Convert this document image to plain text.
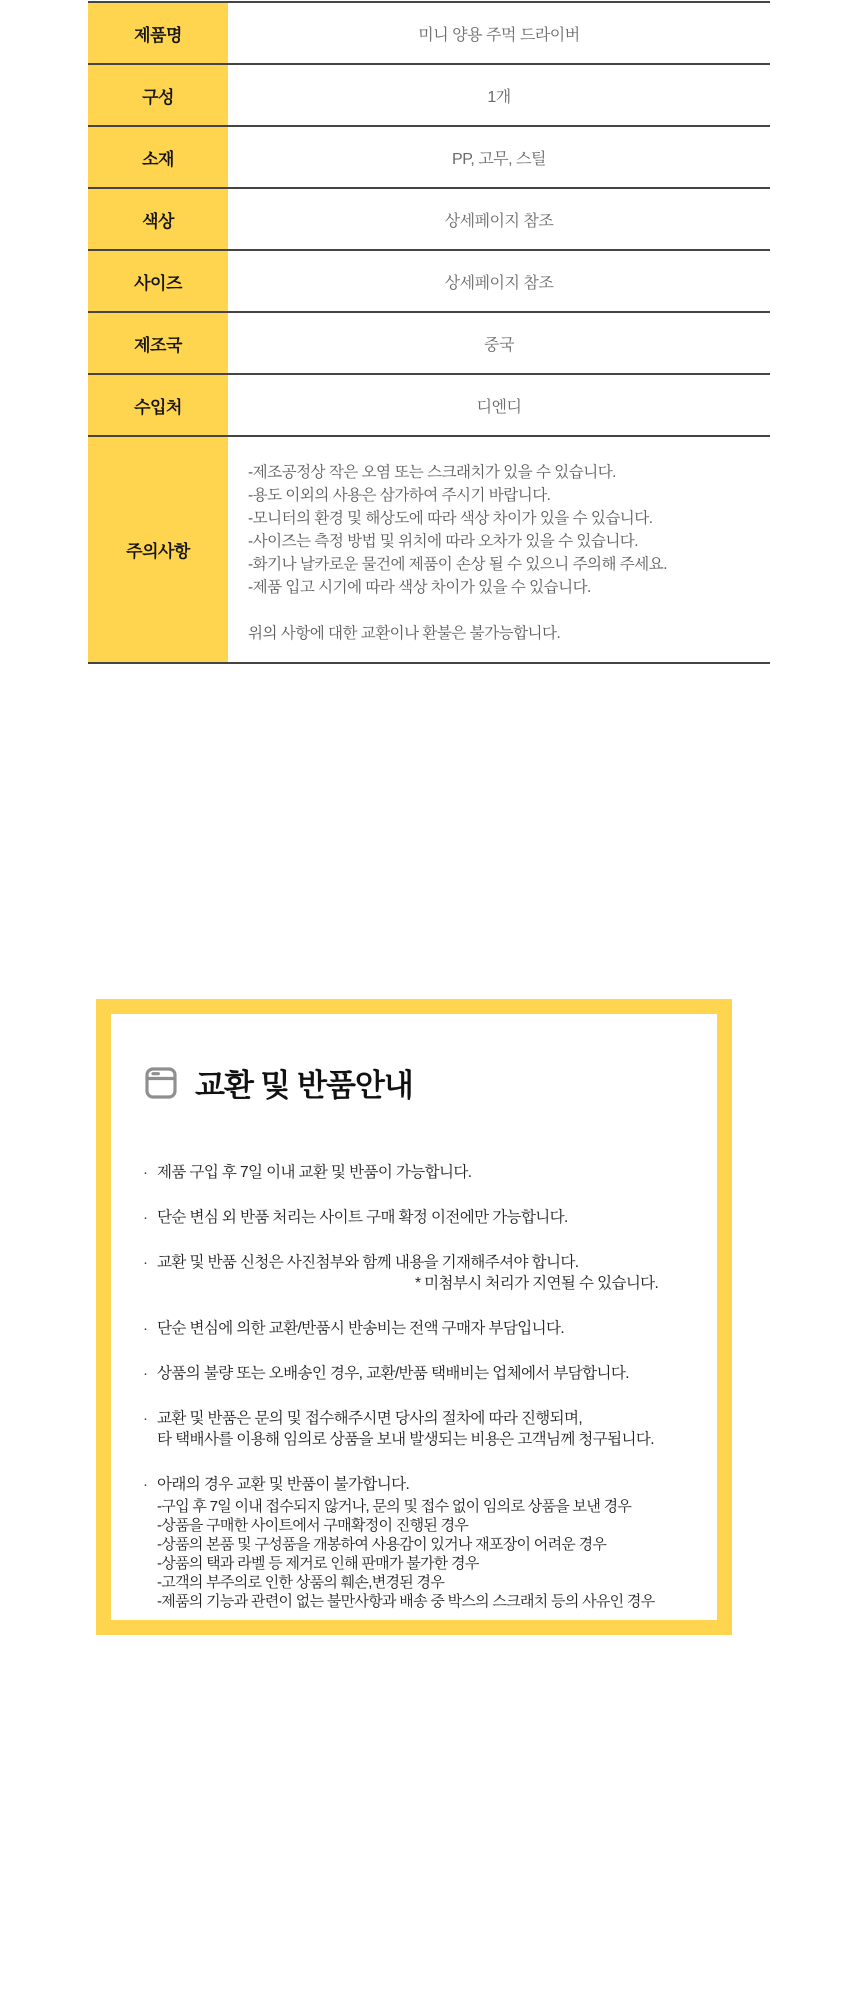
제품명	미니 양용 주먹 드라이버
구성	1개
소재	PP, 고무, 스틸
색상	상세페이지 참조
사이즈	상세페이지 참조
제조국	중국
수입처	디엔디
주의사항
-제조공정상 작은 오염 또는 스크래치가 있을 수 있습니다.
-용도 이외의 사용은 삼가하여 주시기 바랍니다.
-모니터의 환경 및 해상도에 따라 색상 차이가 있을 수 있습니다.
-사이즈는 측정 방법 및 위치에 따라 오차가 있을 수 있습니다.
-화기나 날카로운 물건에 제품이 손상 될 수 있으니 주의해 주세요.
-제품 입고 시기에 따라 색상 차이가 있을 수 있습니다.
위의 사항에 대한 교환이나 환불은 불가능합니다.
교환 및 반품안내
· 제품 구입 후 7일 이내 교환 및 반품이 가능합니다.
· 단순 변심 외 반품 처리는 사이트 구매 확정 이전에만 가능합니다.
· 교환 및 반품 신청은 사진첨부와 함께 내용을 기재해주셔야 합니다.
* 미첨부시 처리가 지연될 수 있습니다.
· 단순 변심에 의한 교환/반품시 반송비는 전액 구매자 부담입니다.
· 상품의 불량 또는 오배송인 경우, 교환/반품 택배비는 업체에서 부담합니다.
· 교환 및 반품은 문의 및 접수해주시면 당사의 절차에 따라 진행되며,
타 택배사를 이용해 임의로 상품을 보내 발생되는 비용은 고객님께 청구됩니다.
· 아래의 경우 교환 및 반품이 불가합니다.
-구입 후 7일 이내 접수되지 않거나, 문의 및 접수 없이 임의로 상품을 보낸 경우
-상품을 구매한 사이트에서 구매확정이 진행된 경우
-상품의 본품 및 구성품을 개봉하여 사용감이 있거나 재포장이 어려운 경우
-상품의 택과 라벨 등 제거로 인해 판매가 불가한 경우
-고객의 부주의로 인한 상품의 훼손,변경된 경우
-제품의 기능과 관련이 없는 불만사항과 배송 중 박스의 스크래치 등의 사유인 경우
